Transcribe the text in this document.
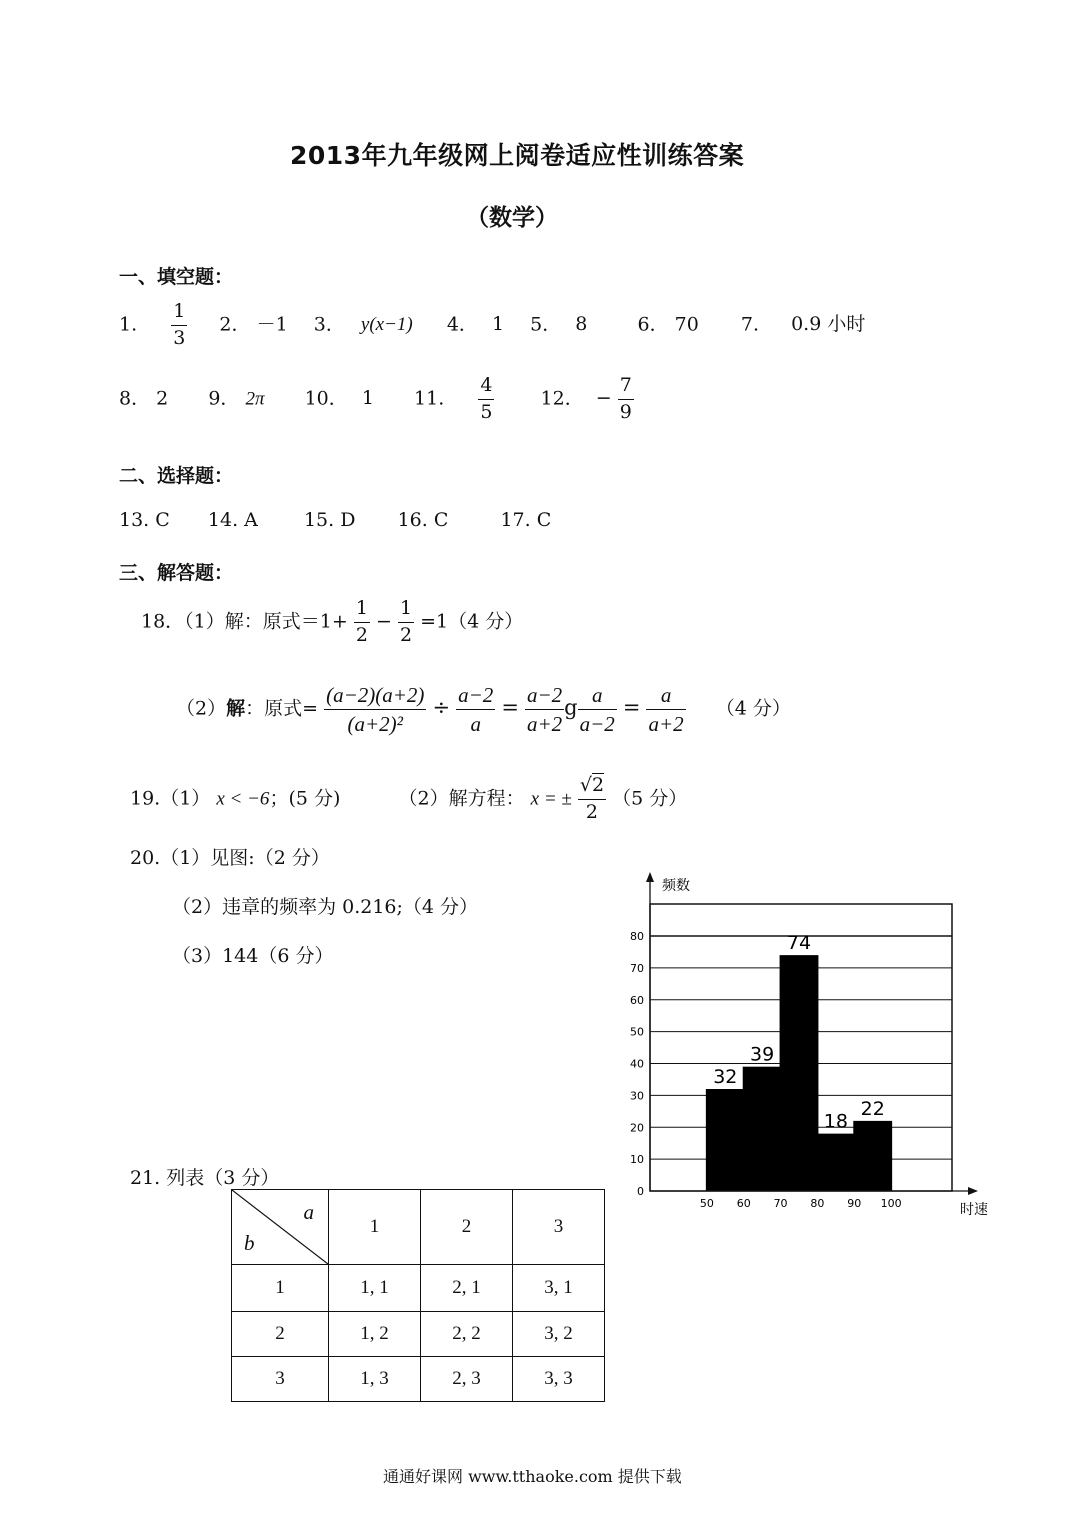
2013年九年级网上阅卷适应性训练答案
（数学）
一、填空题：
1. $\frac{1}{3} 2$． －1 3． y(x−1) 4． 1 5． 8	6． 70 7. 0.9 小时
8． 2 9． 2π 10． 1 11. $\frac{4}{5} 12$． − $\frac{7}{9}$
二、选择题：
13. C 14. A 15. D 16. C	17. C
三、解答题：
18．（1）解：原式$=1+ \frac{1}{2} - \frac{1}{2} =1(4$ 分）
（2）解：原式= $\frac{(a-2)(a+2)}{\text{(a+2)²}} \div \frac{a-2}{a} = \frac{a-2}{a+2}$ g $\frac{a}{a-2} = \frac{a}{a+2} (4$ 分）
19.（1） x < −6；(5 分)	（2）解方程： x = ± $\frac{√2}{2} (5$ 分）
20.（1）见图:（2 分）
（2）违章的频率为 0.216;（4 分）
（3）144（6 分）
0
10
20
30
40
50
60
70
80
32
39
74
18
22
50 60 70 80 90 100
频数
时速
21. 列表（3 分）
a
b	1	2	3
1	1, 1	2, 1	3, 1
2	1, 2	2, 2	3, 2
3	1, 3	2, 3	3, 3
通通好课网 www.tthaoke.com 提供下载
